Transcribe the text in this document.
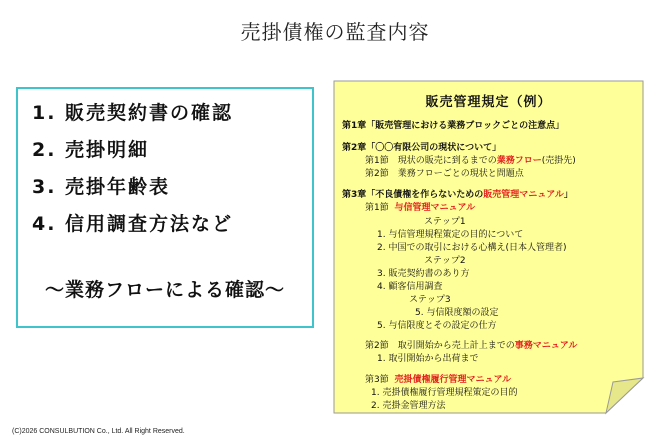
売掛債権の監査内容
1. 販売契約書の確認
2. 売掛明細
3. 売掛年齢表
4. 信用調査方法など
～業務フローによる確認～
販売管理規定（例）
第1章「販売管理における業務ブロックごとの注意点」
第2章「〇〇有限公司の現状について」
第1節　現状の販売に到るまでの業務フロー(売掛先)
第2節　業務フローごとの現状と問題点
第3章「不良債権を作らないための販売管理マニュアル」
第1節 与信管理マニュアル
ステップ1
1. 与信管理規程策定の目的について
2. 中国での取引における心構え(日本人管理者)
ステップ2
3. 販売契約書のあり方
4. 顧客信用調査
ステップ3
5. 与信限度額の設定
5. 与信限度とその設定の仕方
第2節　取引開始から売上計上までの事務マニュアル
1. 取引開始から出荷まで
第3節 売掛債権履行管理マニュアル
1. 売掛債権履行管理規程策定の目的
2. 売掛金管理方法
(C)2026 CONSULBUTION Co., Ltd. All Right Reserved.
